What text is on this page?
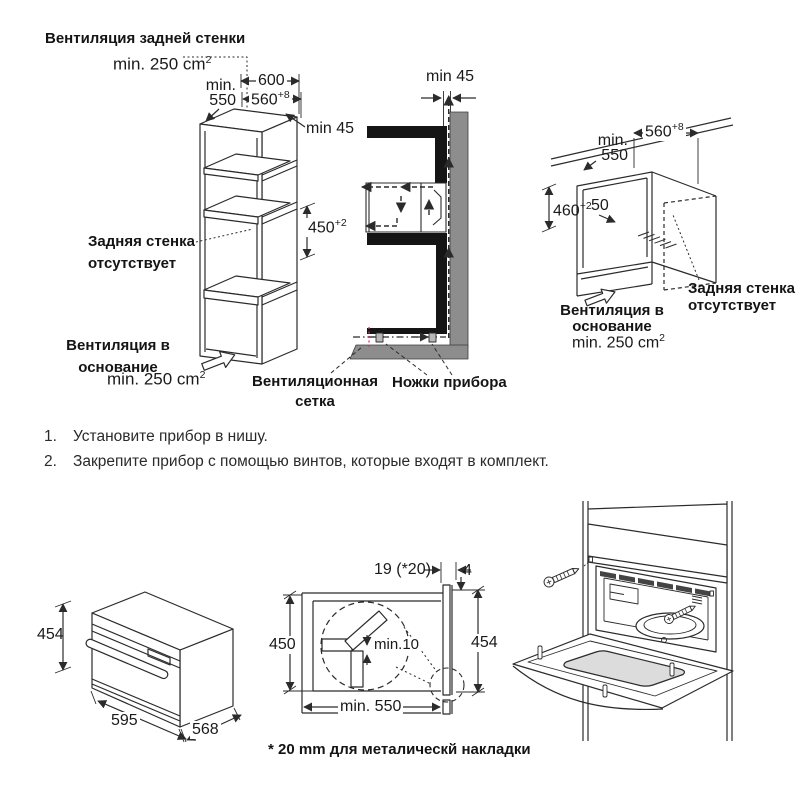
Вентиляция задней стенки
min. 250 $cm^2$
min.
550
600
$560^{+8}$
min 45
Задняя стенка
отсутствует
$450^{+2}$
Вентиляция в
основание
min. 250 $cm^2$
min 45
Вентиляционная
сетка
Ножки прибора
min.
550
$560^{+8}$
$460^{+2}$ 50
Задняя стенка
отсутствует
Вентиляция в
основание
min. 250 $cm^2$
1.	Установите прибор в нишу.
2.	Закрепите прибор с помощью винтов, которые входят в комплект.
454
595
568
19 (*20) 4
450	454
min.10
min. 550
* 20 mm для металическй накладки
